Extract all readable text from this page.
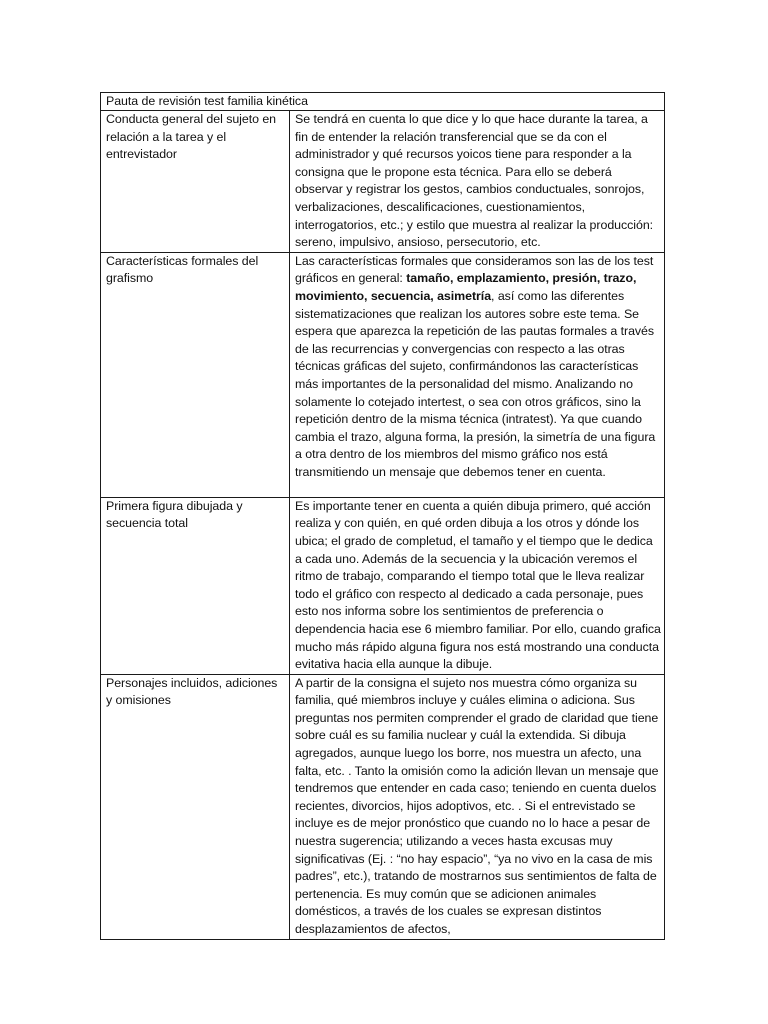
Pauta de revisión test familia kinética	
Conducta general del sujeto en relación a la tarea y el entrevistador	Se tendrá en cuenta lo que dice y lo que hace durante la tarea, a fin de entender la relación transferencial que se da con el administrador y qué recursos yoicos tiene para responder a la consigna que le propone esta técnica. Para ello se deberá observar y registrar los gestos, cambios conductuales, sonrojos, verbalizaciones, descalificaciones, cuestionamientos, interrogatorios, etc.; y estilo que muestra al realizar la producción: sereno, impulsivo, ansioso, persecutorio, etc.

Características formales del grafismo	Las características formales que consideramos son las de los test gráficos en general: tamaño, emplazamiento, presión, trazo, movimiento, secuencia, asimetría, así como las diferentes sistematizaciones que realizan los autores sobre este tema. Se espera que aparezca la repetición de las pautas formales a través de las recurrencias y convergencias con respecto a las otras técnicas gráficas del sujeto, confirmándonos las características más importantes de la personalidad del mismo. Analizando no solamente lo cotejado intertest, o sea con otros gráficos, sino la repetición dentro de la misma técnica (intratest). Ya que cuando cambia el trazo, alguna forma, la presión, la simetría de una figura a otra dentro de los miembros del mismo gráfico nos está transmitiendo un mensaje que debemos tener en cuenta.

Primera figura dibujada y secuencia total	Es importante tener en cuenta a quién dibuja primero, qué acción realiza y con quién, en qué orden dibuja a los otros y dónde los ubica; el grado de completud, el tamaño y el tiempo que le dedica a cada uno. Además de la secuencia y la ubicación veremos el ritmo de trabajo, comparando el tiempo total que le lleva realizar todo el gráfico con respecto al dedicado a cada personaje, pues esto nos informa sobre los sentimientos de preferencia o dependencia hacia ese 6 miembro familiar. Por ello, cuando grafica mucho más rápido alguna figura nos está mostrando una conducta evitativa hacia ella aunque la dibuje.

Personajes incluidos, adiciones y omisiones	A partir de la consigna el sujeto nos muestra cómo organiza su familia, qué miembros incluye y cuáles elimina o adiciona. Sus preguntas nos permiten comprender el grado de claridad que tiene sobre cuál es su familia nuclear y cuál la extendida. Si dibuja agregados, aunque luego los borre, nos muestra un afecto, una falta, etc. . Tanto la omisión como la adición llevan un mensaje que tendremos que entender en cada caso; teniendo en cuenta duelos recientes, divorcios, hijos adoptivos, etc. . Si el entrevistado se incluye es de mejor pronóstico que cuando no lo hace a pesar de nuestra sugerencia; utilizando a veces hasta excusas muy significativas (Ej. : “no hay espacio”, “ya no vivo en la casa de mis padres”, etc.), tratando de mostrarnos sus sentimientos de falta de pertenencia. Es muy común que se adicionen animales domésticos, a través de los cuales se expresan distintos desplazamientos de afectos,
